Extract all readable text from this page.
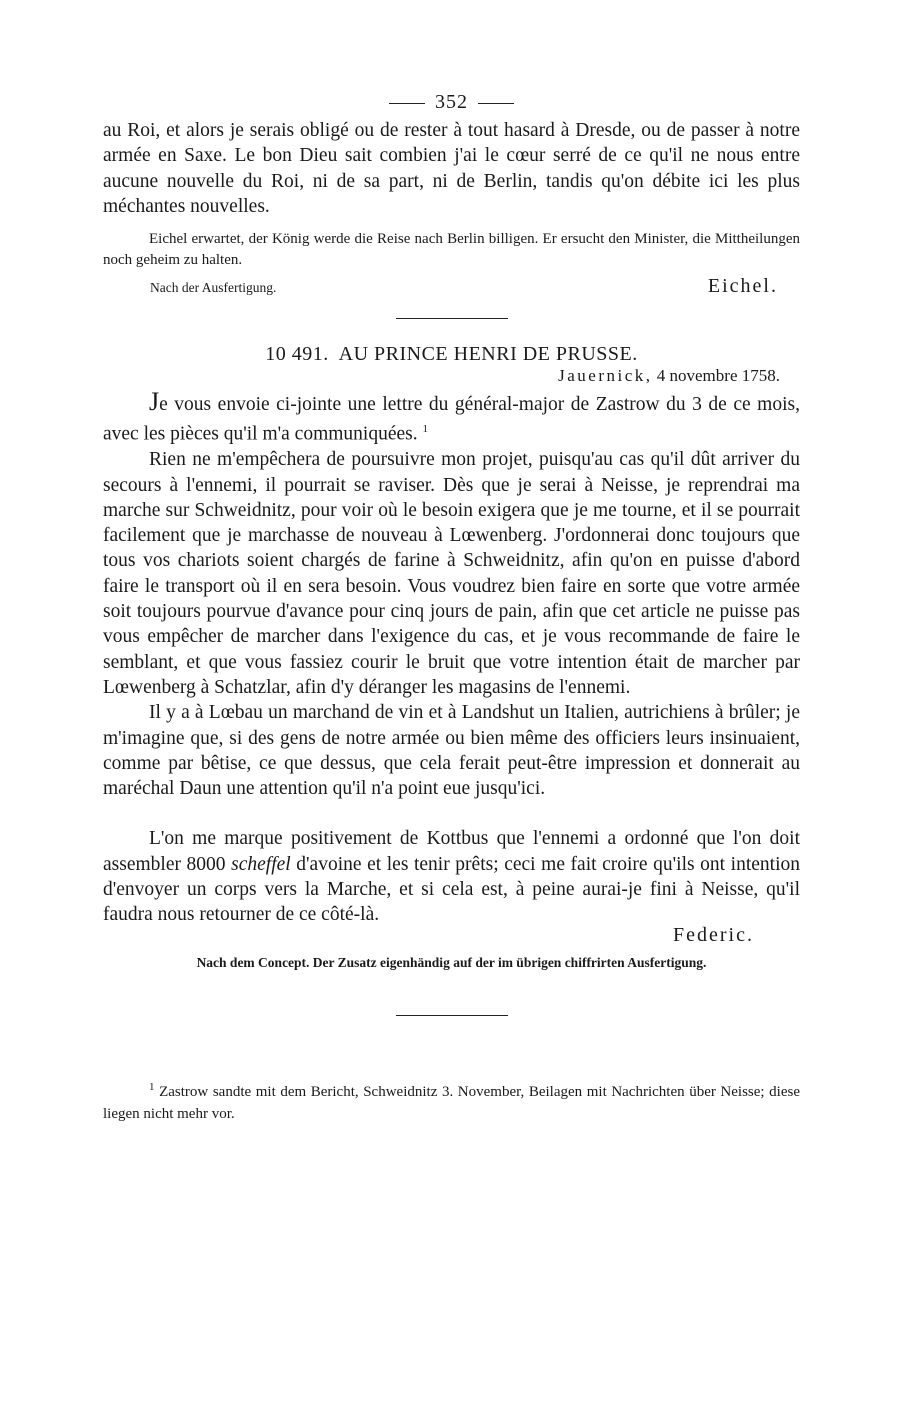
352

au Roi, et alors je serais obligé ou de rester à tout hasard à Dresde, ou de passer à notre armée en Saxe. Le bon Dieu sait combien j'ai le cœur serré de ce qu'il ne nous entre aucune nouvelle du Roi, ni de sa part, ni de Berlin, tandis qu'on débite ici les plus méchantes nouvelles.

Eichel erwartet, der König werde die Reise nach Berlin billigen. Er ersucht den Minister, die Mittheilungen noch geheim zu halten.

Nach der Ausfertigung.	Eichel.

10 491. AU PRINCE HENRI DE PRUSSE.

Jauernick, 4 novembre 1758.

Je vous envoie ci-jointe une lettre du général-major de Zastrow du 3 de ce mois, avec les pièces qu'il m'a communiquées. $^1$

Rien ne m'empêchera de poursuivre mon projet, puisqu'au cas qu'il dût arriver du secours à l'ennemi, il pourrait se raviser. Dès que je serai à Neisse, je reprendrai ma marche sur Schweidnitz, pour voir où le besoin exigera que je me tourne, et il se pourrait facilement que je marchasse de nouveau à Lœwenberg. J'ordonnerai donc toujours que tous vos chariots soient chargés de farine à Schweidnitz, afin qu'on en puisse d'abord faire le transport où il en sera besoin. Vous voudrez bien faire en sorte que votre armée soit toujours pourvue d'avance pour cinq jours de pain, afin que cet article ne puisse pas vous empêcher de marcher dans l'exigence du cas, et je vous recommande de faire le semblant, et que vous fassiez courir le bruit que votre intention était de marcher par Lœwenberg à Schatzlar, afin d'y déranger les magasins de l'ennemi.

Il y a à Lœbau un marchand de vin et à Landshut un Italien, autrichiens à brûler; je m'imagine que, si des gens de notre armée ou bien même des officiers leurs insinuaient, comme par bêtise, ce que dessus, que cela ferait peut-être impression et donnerait au maréchal Daun une attention qu'il n'a point eue jusqu'ici.

L'on me marque positivement de Kottbus que l'ennemi a ordonné que l'on doit assembler 8000 scheffel d'avoine et les tenir prêts; ceci me fait croire qu'ils ont intention d'envoyer un corps vers la Marche, et si cela est, à peine aurai-je fini à Neisse, qu'il faudra nous retourner de ce côté-là.

Federic.

Nach dem Concept. Der Zusatz eigenhändig auf der im übrigen chiffrirten Ausfertigung.

$^1$ Zastrow sandte mit dem Bericht, Schweidnitz 3. November, Beilagen mit Nachrichten über Neisse; diese liegen nicht mehr vor.
